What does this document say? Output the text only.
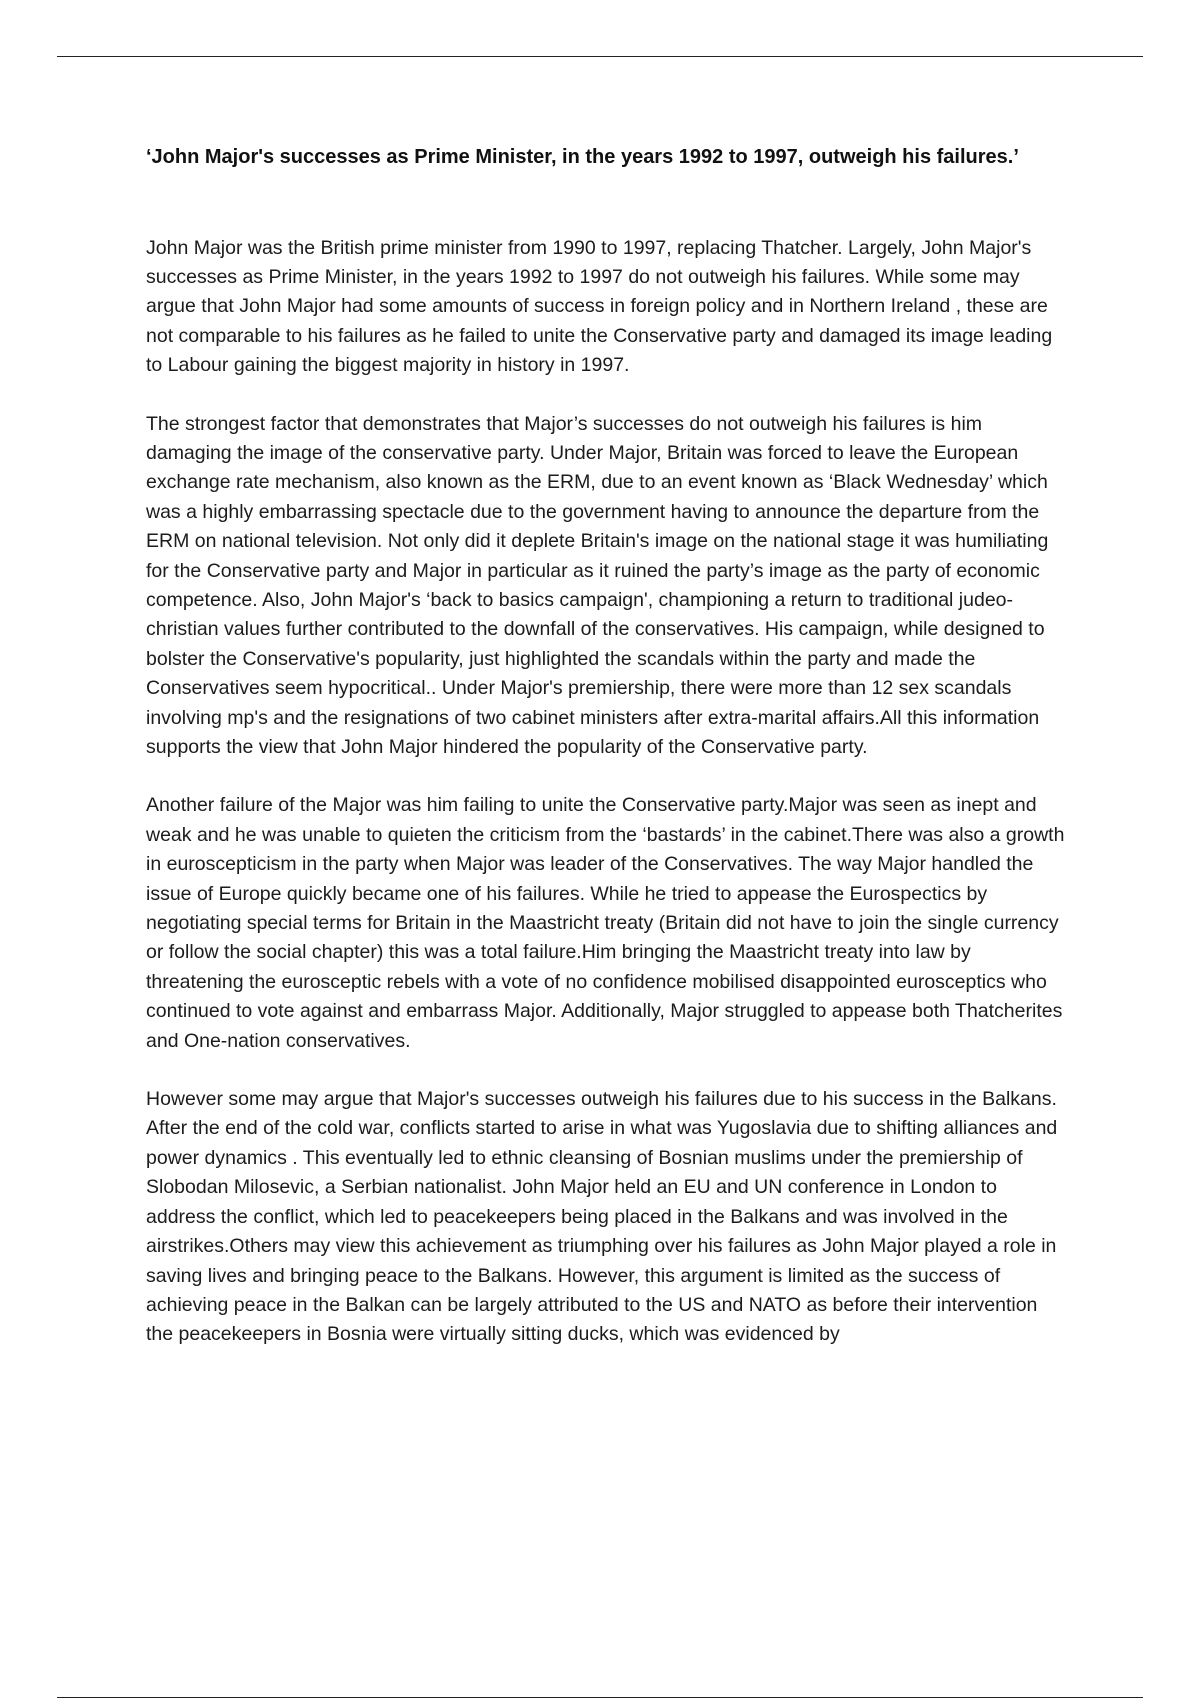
‘John Major's successes as Prime Minister, in the years 1992 to 1997, outweigh his failures.’

John Major was the British prime minister from 1990 to 1997, replacing Thatcher. Largely, John Major's successes as Prime Minister, in the years 1992 to 1997 do not outweigh his failures. While some may argue that John Major had some amounts of success in foreign policy and in Northern Ireland , these are not comparable to his failures as he failed to unite the Conservative party and damaged its image leading to Labour gaining the biggest majority in history in 1997.

The strongest factor that demonstrates that Major’s successes do not outweigh his failures is him damaging the image of the conservative party. Under Major, Britain was forced to leave the European exchange rate mechanism, also known as the ERM, due to an event known as ‘Black Wednesday’ which was a highly embarrassing spectacle due to the government having to announce the departure from the ERM on national television. Not only did it deplete Britain's image on the national stage it was humiliating for the Conservative party and Major in particular as it ruined the party’s image as the party of economic competence. Also, John Major's ‘back to basics campaign', championing a return to traditional judeo-christian values further contributed to the downfall of the conservatives. His campaign, while designed to bolster the Conservative's popularity, just highlighted the scandals within the party and made the Conservatives seem hypocritical.. Under Major's premiership, there were more than 12 sex scandals involving mp's and the resignations of two cabinet ministers after extra-marital affairs.All this information supports the view that John Major hindered the popularity of the Conservative party.

Another failure of the Major was him failing to unite the Conservative party.Major was seen as inept and weak and he was unable to quieten the criticism from the ‘bastards’ in the cabinet.There was also a growth in euroscepticism in the party when Major was leader of the Conservatives. The way Major handled the issue of Europe quickly became one of his failures. While he tried to appease the Eurospectics by negotiating special terms for Britain in the Maastricht treaty (Britain did not have to join the single currency or follow the social chapter) this was a total failure.Him bringing the Maastricht treaty into law by threatening the eurosceptic rebels with a vote of no confidence mobilised disappointed eurosceptics who continued to vote against and embarrass Major. Additionally, Major struggled to appease both Thatcherites and One-nation conservatives.

However some may argue that Major's successes outweigh his failures due to his success in the Balkans. After the end of the cold war, conflicts started to arise in what was Yugoslavia due to shifting alliances and power dynamics . This eventually led to ethnic cleansing of Bosnian muslims under the premiership of Slobodan Milosevic, a Serbian nationalist. John Major held an EU and UN conference in London to address the conflict, which led to peacekeepers being placed in the Balkans and was involved in the airstrikes.Others may view this achievement as triumphing over his failures as John Major played a role in saving lives and bringing peace to the Balkans. However, this argument is limited as the success of achieving peace in the Balkan can be largely attributed to the US and NATO as before their intervention the peacekeepers in Bosnia were virtually sitting ducks, which was evidenced by
